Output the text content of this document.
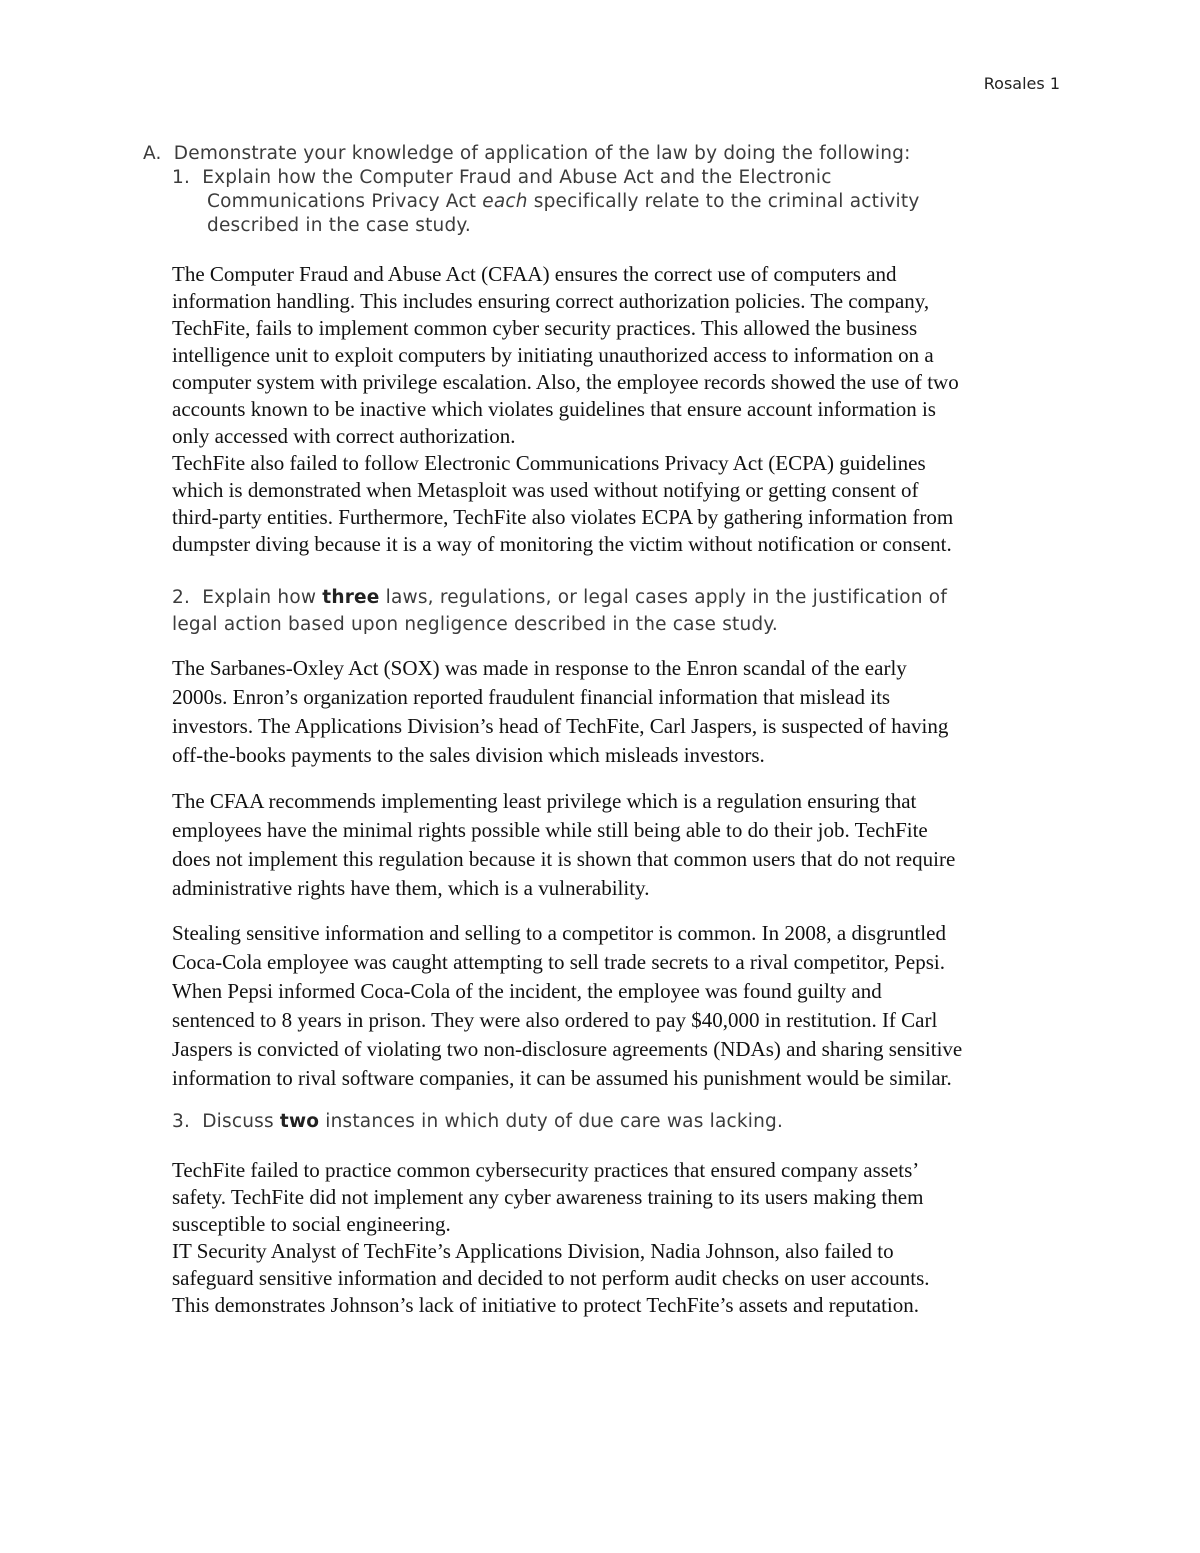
Rosales 1
A. Demonstrate your knowledge of application of the law by doing the following:
1. Explain how the Computer Fraud and Abuse Act and the Electronic
Communications Privacy Act each specifically relate to the criminal activity
described in the case study.
The Computer Fraud and Abuse Act (CFAA) ensures the correct use of computers and
information handling. This includes ensuring correct authorization policies. The company,
TechFite, fails to implement common cyber security practices. This allowed the business
intelligence unit to exploit computers by initiating unauthorized access to information on a
computer system with privilege escalation. Also, the employee records showed the use of two
accounts known to be inactive which violates guidelines that ensure account information is
only accessed with correct authorization.
TechFite also failed to follow Electronic Communications Privacy Act (ECPA) guidelines
which is demonstrated when Metasploit was used without notifying or getting consent of
third-party entities. Furthermore, TechFite also violates ECPA by gathering information from
dumpster diving because it is a way of monitoring the victim without notification or consent.
2. Explain how three laws, regulations, or legal cases apply in the justification of
legal action based upon negligence described in the case study.
The Sarbanes-Oxley Act (SOX) was made in response to the Enron scandal of the early
2000s. Enron’s organization reported fraudulent financial information that mislead its
investors. The Applications Division’s head of TechFite, Carl Jaspers, is suspected of having
off-the-books payments to the sales division which misleads investors.
The CFAA recommends implementing least privilege which is a regulation ensuring that
employees have the minimal rights possible while still being able to do their job. TechFite
does not implement this regulation because it is shown that common users that do not require
administrative rights have them, which is a vulnerability.
Stealing sensitive information and selling to a competitor is common. In 2008, a disgruntled
Coca-Cola employee was caught attempting to sell trade secrets to a rival competitor, Pepsi.
When Pepsi informed Coca-Cola of the incident, the employee was found guilty and
sentenced to 8 years in prison. They were also ordered to pay $40,000 in restitution. If Carl
Jaspers is convicted of violating two non-disclosure agreements (NDAs) and sharing sensitive
information to rival software companies, it can be assumed his punishment would be similar.
3. Discuss two instances in which duty of due care was lacking.
TechFite failed to practice common cybersecurity practices that ensured company assets’
safety. TechFite did not implement any cyber awareness training to its users making them
susceptible to social engineering.
IT Security Analyst of TechFite’s Applications Division, Nadia Johnson, also failed to
safeguard sensitive information and decided to not perform audit checks on user accounts.
This demonstrates Johnson’s lack of initiative to protect TechFite’s assets and reputation.
